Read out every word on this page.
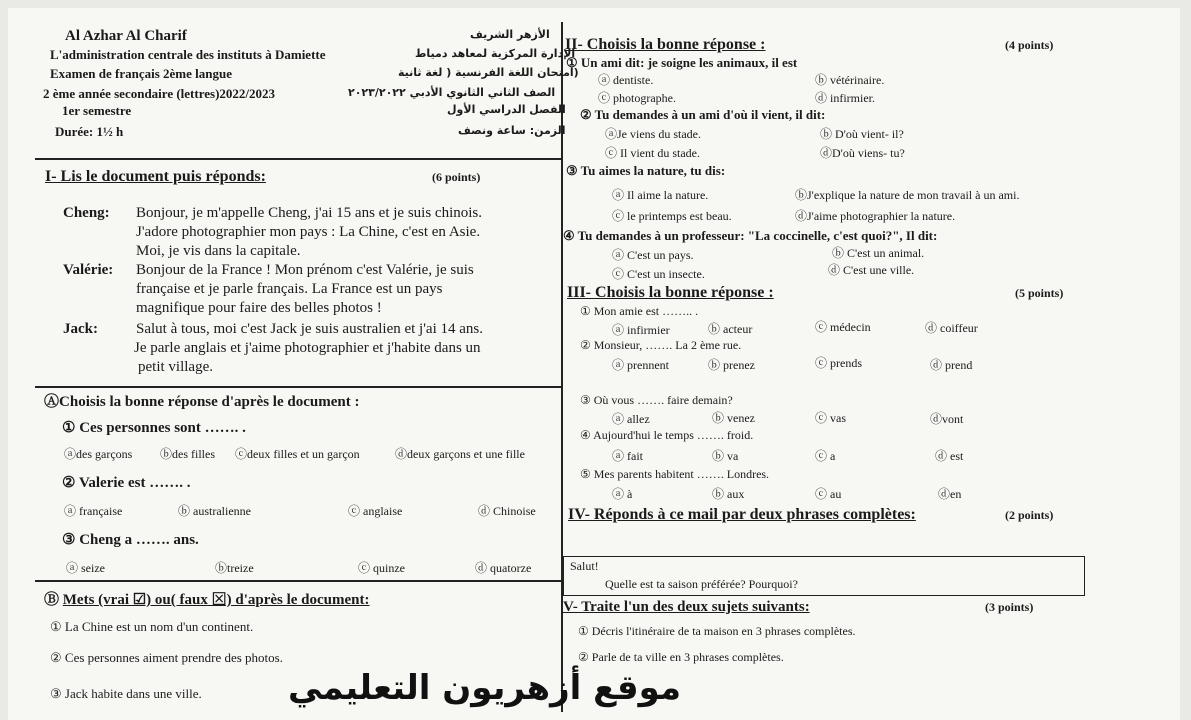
Al Azhar Al Charif
L'administration centrale des instituts à Damiette
Examen de français 2ème langue
2 ème année secondaire (lettres)2022/2023
1er semestre
Durée: 1½ h
الأزهر الشريف
الإدارة المركزية لمعاهد دمياط
(امتحان اللغة الفرنسية ( لغة ثانية
الصف الثاني الثانوي الأدبي ٢٠٢٣/٢٠٢٢
الفصل الدراسي الأول
الزمن: ساعة ونصف
I- Lis le document puis réponds:	(6 points)
Cheng: Bonjour, je m'appelle Cheng, j'ai 15 ans et je suis chinois.
J'adore photographier mon pays : La Chine, c'est en Asie.
Moi, je vis dans la capitale.
Valérie: Bonjour de la France ! Mon prénom c'est Valérie, je suis
française et je parle français. La France est un pays
magnifique pour faire des belles photos !
Jack:	Salut à tous, moi c'est Jack je suis australien et j'ai 14 ans.
Je parle anglais et j'aime photographier et j'habite dans un
petit village.
ⒶChoisis la bonne réponse d'après le document :
① Ces personnes sont ……. .
ⓐdes garçons ⓑdes filles ⓒdeux filles et un garçon	ⓓdeux garçons et une fille
② Valerie est ……. .
ⓐ française	ⓑ australienne	ⓒ anglaise	ⓓ Chinoise
③ Cheng a ……. ans.
ⓐ seize	ⓑtreize	ⓒ quinze	ⓓ quatorze
Ⓑ Mets (vrai ☑) ou( faux ⊠) d'après le document:
① La Chine est un nom d'un continent.
② Ces personnes aiment prendre des photos.
③ Jack habite dans une ville.
II- Choisis la bonne réponse :	(4 points)
① Un ami dit: je soigne les animaux, il est
ⓐ dentiste.	ⓑ vétérinaire.
ⓒ photographe.	ⓓ infirmier.
② Tu demandes à un ami d'où il vient, il dit:
ⓐJe viens du stade.	ⓑ D'où vient- il?
ⓒ Il vient du stade.	ⓓD'où viens- tu?
③ Tu aimes la nature, tu dis:
ⓐ Il aime la nature.	ⓑJ'explique la nature de mon travail à un ami.
ⓒ le printemps est beau.	ⓓJ'aime photographier la nature.
④ Tu demandes à un professeur: "La coccinelle, c'est quoi?", Il dit:
ⓐ C'est un pays.	ⓑ C'est un animal.
ⓒ C'est un insecte.	ⓓ C'est une ville.
III- Choisis la bonne réponse :	(5 points)
① Mon amie est …….. .
ⓐ infirmier	ⓑ acteur	ⓒ médecin	ⓓ coiffeur
② Monsieur, ……. La 2 ème rue.
ⓐ prennent	ⓑ prenez	ⓒ prends	ⓓ prend
③ Où vous ……. faire demain?
ⓐ allez	ⓑ venez	ⓒ vas	ⓓvont
④ Aujourd'hui le temps ……. froid.
ⓐ fait	ⓑ va	ⓒ a	ⓓ est
⑤ Mes parents habitent ……. Londres.
ⓐ à	ⓑ aux	ⓒ au	ⓓen
IV- Réponds à ce mail par deux phrases complètes:	(2 points)
Salut!
Quelle est ta saison préférée? Pourquoi?
V- Traite l'un des deux sujets suivants:	(3 points)
① Décris l'itinéraire de ta maison en 3 phrases complètes.
② Parle de ta ville en 3 phrases complètes.
موقع أزهريون التعليمي
